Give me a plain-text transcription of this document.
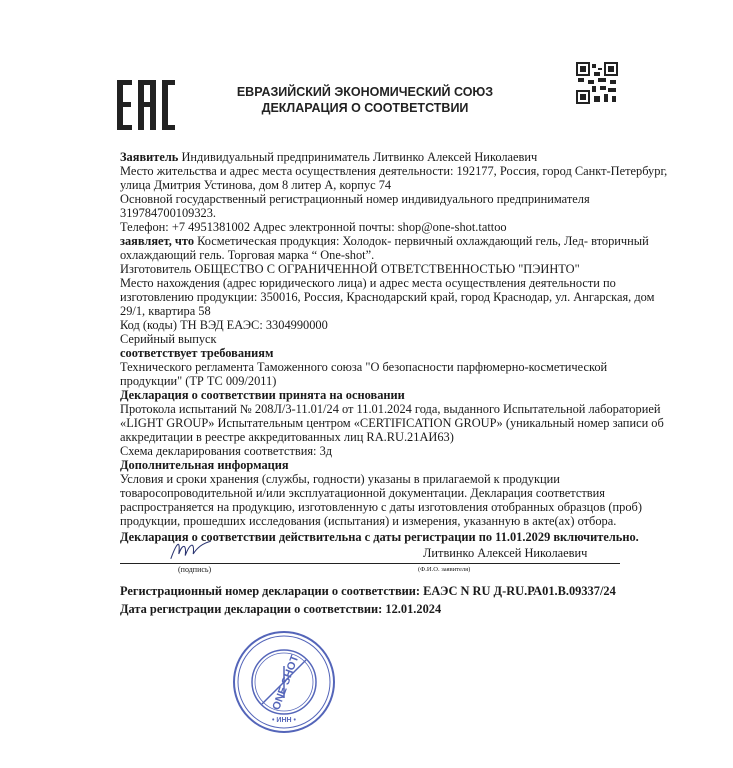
ЕВРАЗИЙСКИЙ ЭКОНОМИЧЕСКИЙ СОЮЗ
ДЕКЛАРАЦИЯ О СООТВЕТСТВИИ
Заявитель Индивидуальный предприниматель Литвинко Алексей Николаевич
Место жительства и адрес места осуществления деятельности: 192177, Россия, город Санкт-Петербург,
улица Дмитрия Устинова, дом 8 литер А, корпус 74
Основной государственный регистрационный номер индивидуального предпринимателя
319784700109323.
Телефон: +7 4951381002 Адрес электронной почты: shop@one-shot.tattoo
заявляет, что Косметическая продукция: Холодок- первичный охлаждающий гель, Лед- вторичный
охлаждающий гель. Торговая марка “ One-shot”.
Изготовитель ОБЩЕСТВО С ОГРАНИЧЕННОЙ ОТВЕТСТВЕННОСТЬЮ "ПЭИНТО"
Место нахождения (адрес юридического лица) и адрес места осуществления деятельности по
изготовлению продукции: 350016, Россия, Краснодарский край, город Краснодар, ул. Ангарская, дом
29/1, квартира 58
Код (коды) ТН ВЭД ЕАЭС: 3304990000
Серийный выпуск
соответствует требованиям
Технического регламента Таможенного союза "О безопасности парфюмерно-косметической
продукции" (ТР ТС 009/2011)
Декларация о соответствии принята на основании
Протокола испытаний № 208Л/3-11.01/24 от 11.01.2024 года, выданного Испытательной лабораторией
«LIGHT GROUP» Испытательным центром «CERTIFICATION GROUP» (уникальный номер записи об
аккредитации в реестре аккредитованных лиц RA.RU.21АИ63)
Схема декларирования соответствия: 3д
Дополнительная информация
Условия и сроки хранения (службы, годности) указаны в прилагаемой к продукции
товаросопроводительной и/или эксплуатационной документации. Декларация соответствия
распространяется на продукцию, изготовленную с даты изготовления отобранных образцов (проб)
продукции, прошедших исследования (испытания) и измерения, указанную в акте(ах) отбора.
Декларация о соответствии действительна с даты регистрации по 11.01.2029 включительно.
Литвинко Алексей Николаевич
(подпись)	(Ф.И.О. заявителя)
Регистрационный номер декларации о соответствии: ЕАЭС N RU Д-RU.РА01.В.09337/24
Дата регистрации декларации о соответствии: 12.01.2024
ONE SHOT
• ИНН •
